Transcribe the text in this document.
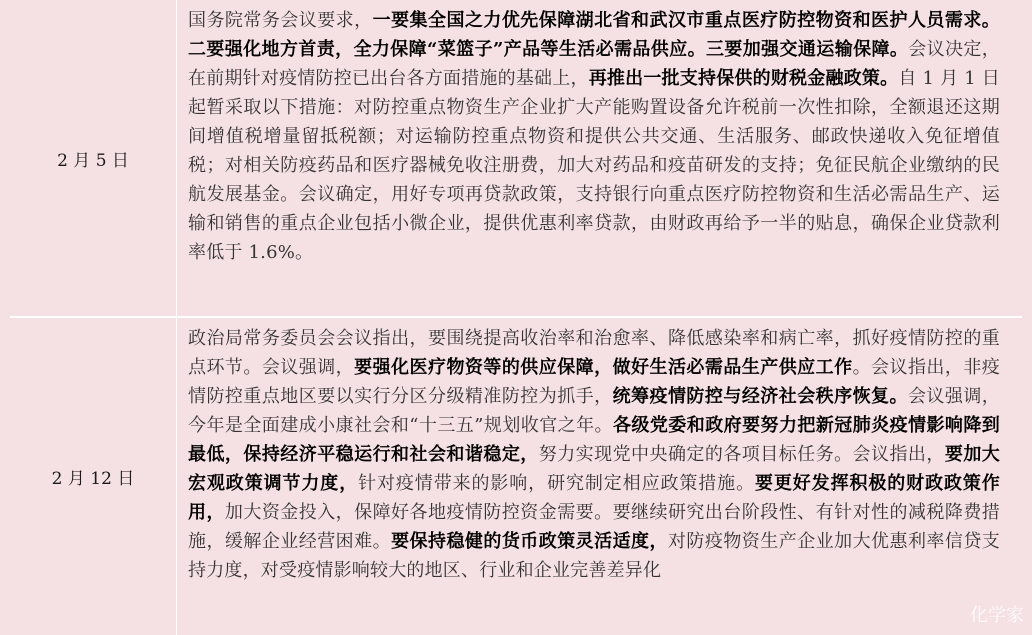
2 月 5 日
国务院常务会议要求，一要集全国之力优先保障湖北省和武汉市重点医疗防控物资和医护人员需求。二要强化地方首责，全力保障“菜篮子”产品等生活必需品供应。三要加强交通运输保障。会议决定，在前期针对疫情防控已出台各方面措施的基础上，再推出一批支持保供的财税金融政策。自 1 月 1 日起暂采取以下措施：对防控重点物资生产企业扩大产能购置设备允许税前一次性扣除，全额退还这期间增值税增量留抵税额；对运输防控重点物资和提供公共交通、生活服务、邮政快递收入免征增值税；对相关防疫药品和医疗器械免收注册费，加大对药品和疫苗研发的支持；免征民航企业缴纳的民航发展基金。会议确定，用好专项再贷款政策，支持银行向重点医疗防控物资和生活必需品生产、运输和销售的重点企业包括小微企业，提供优惠利率贷款，由财政再给予一半的贴息，确保企业贷款利率低于 1.6%。
2 月 12 日
政治局常务委员会会议指出，要围绕提高收治率和治愈率、降低感染率和病亡率，抓好疫情防控的重点环节。会议强调，要强化医疗物资等的供应保障，做好生活必需品生产供应工作。会议指出，非疫情防控重点地区要以实行分区分级精准防控为抓手，统筹疫情防控与经济社会秩序恢复。会议强调，今年是全面建成小康社会和“十三五”规划收官之年。各级党委和政府要努力把新冠肺炎疫情影响降到最低，保持经济平稳运行和社会和谐稳定，努力实现党中央确定的各项目标任务。会议指出，要加大宏观政策调节力度，针对疫情带来的影响，研究制定相应政策措施。要更好发挥积极的财政政策作用，加大资金投入，保障好各地疫情防控资金需要。要继续研究出台阶段性、有针对性的减税降费措施，缓解企业经营困难。要保持稳健的货币政策灵活适度，对防疫物资生产企业加大优惠利率信贷支持力度，对受疫情影响较大的地区、行业和企业完善差异化
化学家
